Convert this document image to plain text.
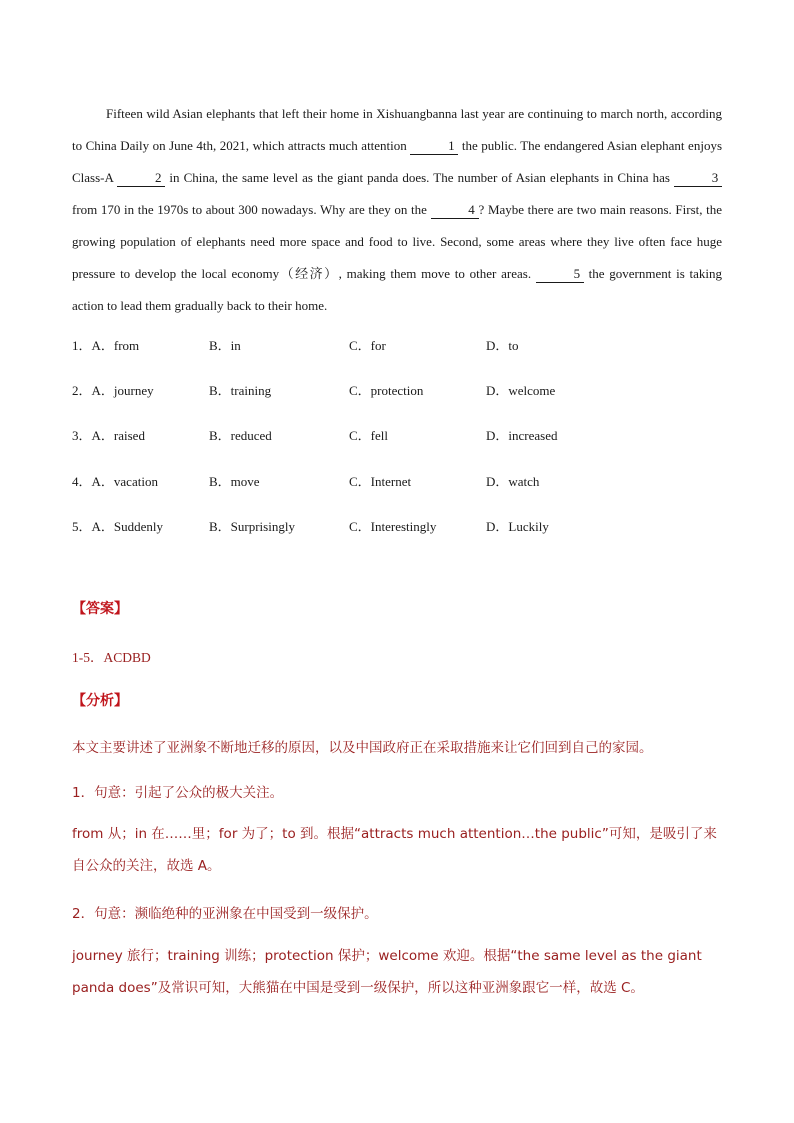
Fifteen wild Asian elephants that left their home in Xishuangbanna last year are continuing to march north, according to China Daily on June 4th, 2021, which attracts much attention	1 the public. The endangered Asian elephant enjoys Class-A	2 in China, the same level as the giant panda does. The number of Asian elephants in China has	3 from 170 in the 1970s to about 300 nowadays. Why are they on the	4 ? Maybe there are two main reasons. First, the growing population of elephants need more space and food to live. Second, some areas where they live often face huge pressure to develop the local economy（经济）, making them move to other areas.	5 the government is taking action to lead them gradually back to their home.

1．A．from	B．in	C．for	D．to
2．A．journey	B．training	C．protection	D．welcome
3．A．raised	B．reduced	C．fell	D．increased
4．A．vacation	B．move	C．Internet	D．watch
5．A．Suddenly	B．Surprisingly	C．Interestingly	D．Luckily
【答案】
1-5．ACDBD
【分析】
本文主要讲述了亚洲象不断地迁移的原因，以及中国政府正在采取措施来让它们回到自己的家园。
1．句意：引起了公众的极大关注。
from 从；in 在……里；for 为了；to 到。根据“attracts much attention…the public”可知，是吸引了来自公众的关注，故选 A。
2．句意：濒临绝种的亚洲象在中国受到一级保护。
journey 旅行；training 训练；protection 保护；welcome 欢迎。根据“the same level as the giant panda does”及常识可知，大熊猫在中国是受到一级保护，所以这种亚洲象跟它一样，故选 C。
